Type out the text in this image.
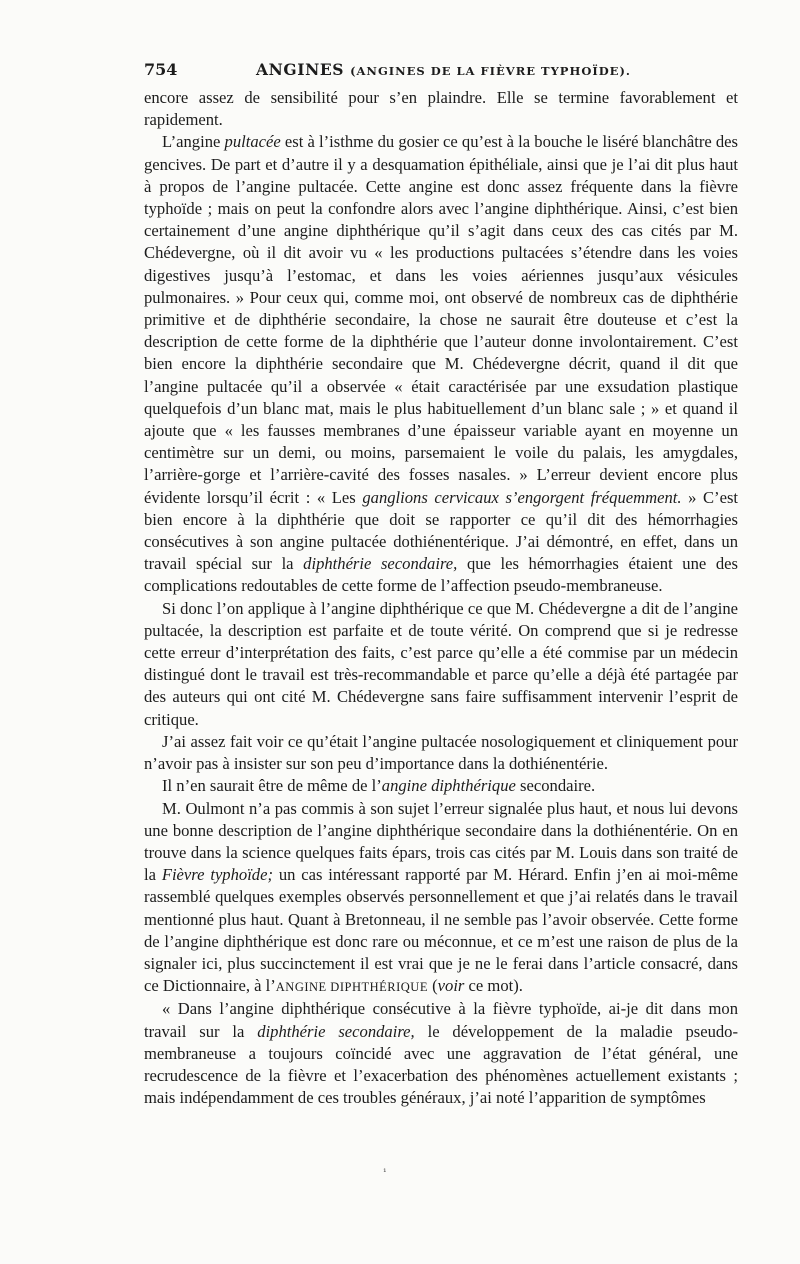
754	ANGINES (ANGINES DE LA FIÈVRE TYPHOÏDE).

encore assez de sensibilité pour s’en plaindre. Elle se termine favorablement et rapidement.

L’angine pultacée est à l’isthme du gosier ce qu’est à la bouche le liséré blanchâtre des gencives. De part et d’autre il y a desquamation épithéliale, ainsi que je l’ai dit plus haut à propos de l’angine pultacée. Cette angine est donc assez fréquente dans la fièvre typhoïde ; mais on peut la confondre alors avec l’angine diphthérique. Ainsi, c’est bien certainement d’une angine diphthérique qu’il s’agit dans ceux des cas cités par M. Chédevergne, où il dit avoir vu « les productions pultacées s’étendre dans les voies digestives jusqu’à l’estomac, et dans les voies aériennes jusqu’aux vésicules pulmonaires. » Pour ceux qui, comme moi, ont observé de nombreux cas de diphthérie primitive et de diphthérie secondaire, la chose ne saurait être douteuse et c’est la description de cette forme de la diphthérie que l’auteur donne involontairement. C’est bien encore la diphthérie secondaire que M. Chédevergne décrit, quand il dit que l’angine pultacée qu’il a observée « était caractérisée par une exsudation plastique quelquefois d’un blanc mat, mais le plus habituellement d’un blanc sale ; » et quand il ajoute que « les fausses membranes d’une épaisseur variable ayant en moyenne un centimètre sur un demi, ou moins, parsemaient le voile du palais, les amygdales, l’arrière-gorge et l’arrière-cavité des fosses nasales. » L’erreur devient encore plus évidente lorsqu’il écrit : « Les ganglions cervicaux s’engorgent fréquemment. » C’est bien encore à la diphthérie que doit se rapporter ce qu’il dit des hémorrhagies consécutives à son angine pultacée dothiénentérique. J’ai démontré, en effet, dans un travail spécial sur la diphthérie secondaire, que les hémorrhagies étaient une des complications redoutables de cette forme de l’affection pseudo-membraneuse.

Si donc l’on applique à l’angine diphthérique ce que M. Chédevergne a dit de l’angine pultacée, la description est parfaite et de toute vérité. On comprend que si je redresse cette erreur d’interprétation des faits, c’est parce qu’elle a été commise par un médecin distingué dont le travail est très-recommandable et parce qu’elle a déjà été partagée par des auteurs qui ont cité M. Chédevergne sans faire suffisamment intervenir l’esprit de critique.

J’ai assez fait voir ce qu’était l’angine pultacée nosologiquement et cliniquement pour n’avoir pas à insister sur son peu d’importance dans la dothiénentérie.

Il n’en saurait être de même de l’angine diphthérique secondaire.

M. Oulmont n’a pas commis à son sujet l’erreur signalée plus haut, et nous lui devons une bonne description de l’angine diphthérique secondaire dans la dothiénentérie. On en trouve dans la science quelques faits épars, trois cas cités par M. Louis dans son traité de la Fièvre typhoïde; un cas intéressant rapporté par M. Hérard. Enfin j’en ai moi-même rassemblé quelques exemples observés personnellement et que j’ai relatés dans le travail mentionné plus haut. Quant à Bretonneau, il ne semble pas l’avoir observée. Cette forme de l’angine diphthérique est donc rare ou méconnue, et ce m’est une raison de plus de la signaler ici, plus succinctement il est vrai que je ne le ferai dans l’article consacré, dans ce Dictionnaire, à l’ANGINE DIPHTHÉRIQUE (voir ce mot).

« Dans l’angine diphthérique consécutive à la fièvre typhoïde, ai-je dit dans mon travail sur la diphthérie secondaire, le développement de la maladie pseudo-membraneuse a toujours coïncidé avec une aggravation de l’état général, une recrudescence de la fièvre et l’exacerbation des phénomènes actuellement existants ; mais indépendamment de ces troubles généraux, j’ai noté l’apparition de symptômes

¹
